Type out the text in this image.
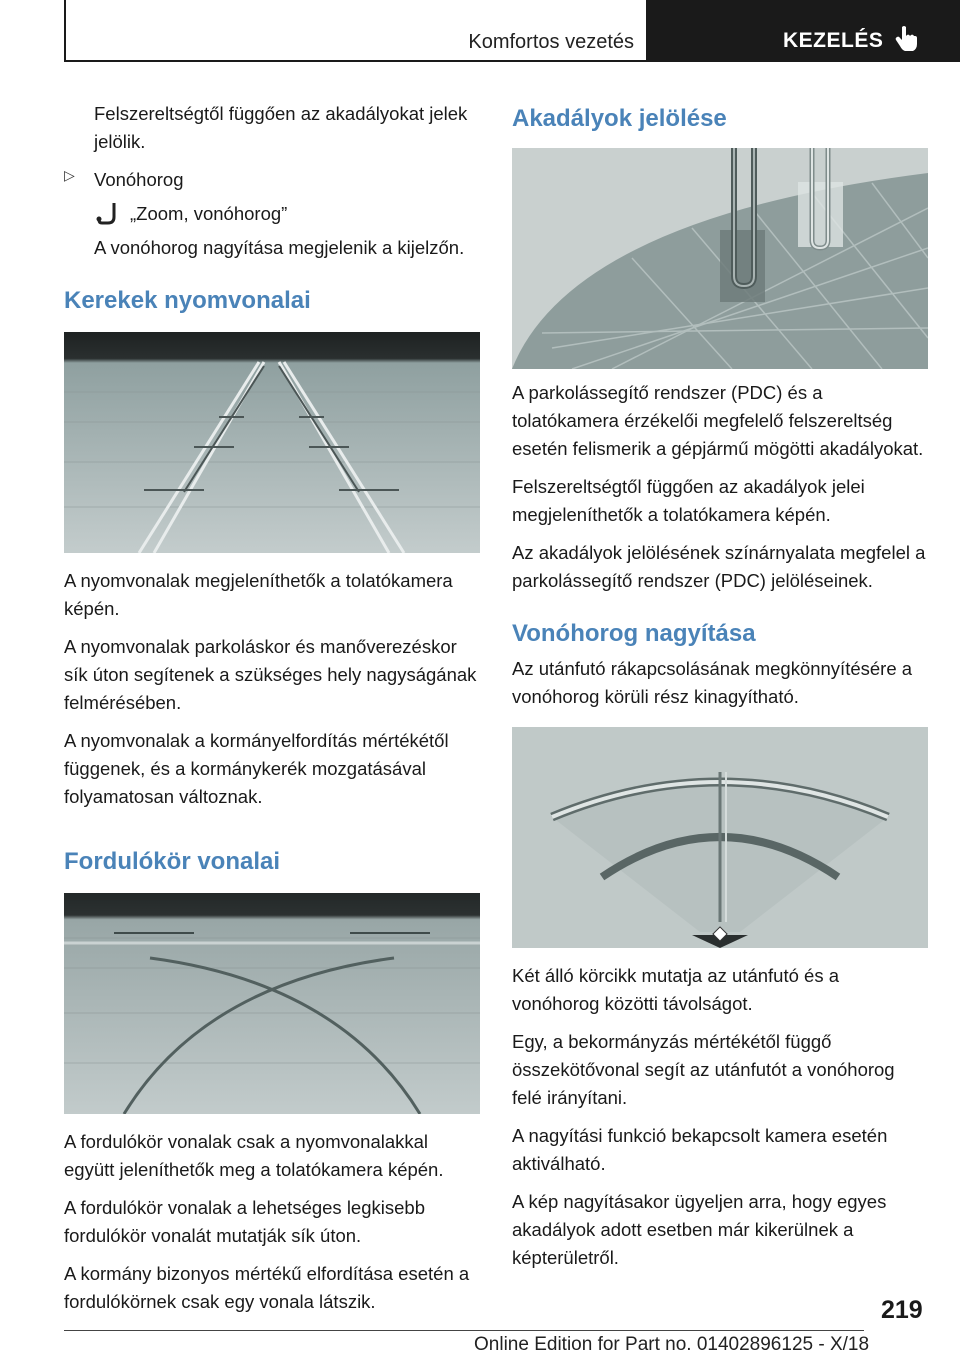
Komfortos vezetés	KEZELÉS

Felszereltségtől függően az akadályokat jelek jelölik.

▷	Vonóhorog

„Zoom, vonóhorog”

A vonóhorog nagyítása megjelenik a kijelzőn.

Kerekek nyomvonalai

A nyomvonalak megjeleníthetők a tolatókamera képén.

A nyomvonalak parkoláskor és manőverezéskor sík úton segítenek a szükséges hely nagyságának felmérésében.

A nyomvonalak a kormányelfordítás mértékétől függenek, és a kormánykerék mozgatásával folyamatosan változnak.

Fordulókör vonalai

A fordulókör vonalak csak a nyomvonalakkal együtt jeleníthetők meg a tolatókamera képén.

A fordulókör vonalak a lehetséges legkisebb fordulókör vonalát mutatják sík úton.

A kormány bizonyos mértékű elfordítása esetén a fordulókörnek csak egy vonala látszik.

Akadályok jelölése

A parkolássegítő rendszer (PDC) és a tolatókamera érzékelői megfelelő felszereltség esetén felismerik a gépjármű mögötti akadályokat.

Felszereltségtől függően az akadályok jelei megjeleníthetők a tolatókamera képén.

Az akadályok jelölésének színárnyalata megfelel a parkolássegítő rendszer (PDC) jelöléseinek.

Vonóhorog nagyítása

Az utánfutó rákapcsolásának megkönnyítésére a vonóhorog körüli rész kinagyítható.

Két álló körcikk mutatja az utánfutó és a vonóhorog közötti távolságot.

Egy, a bekormányzás mértékétől függő összekötővonal segít az utánfutót a vonóhorog felé irányítani.

A nagyítási funkció bekapcsolt kamera esetén aktiválható.

A kép nagyításakor ügyeljen arra, hogy egyes akadályok adott esetben már kikerülnek a képterületről.

219
Online Edition for Part no. 01402896125 - X/18
